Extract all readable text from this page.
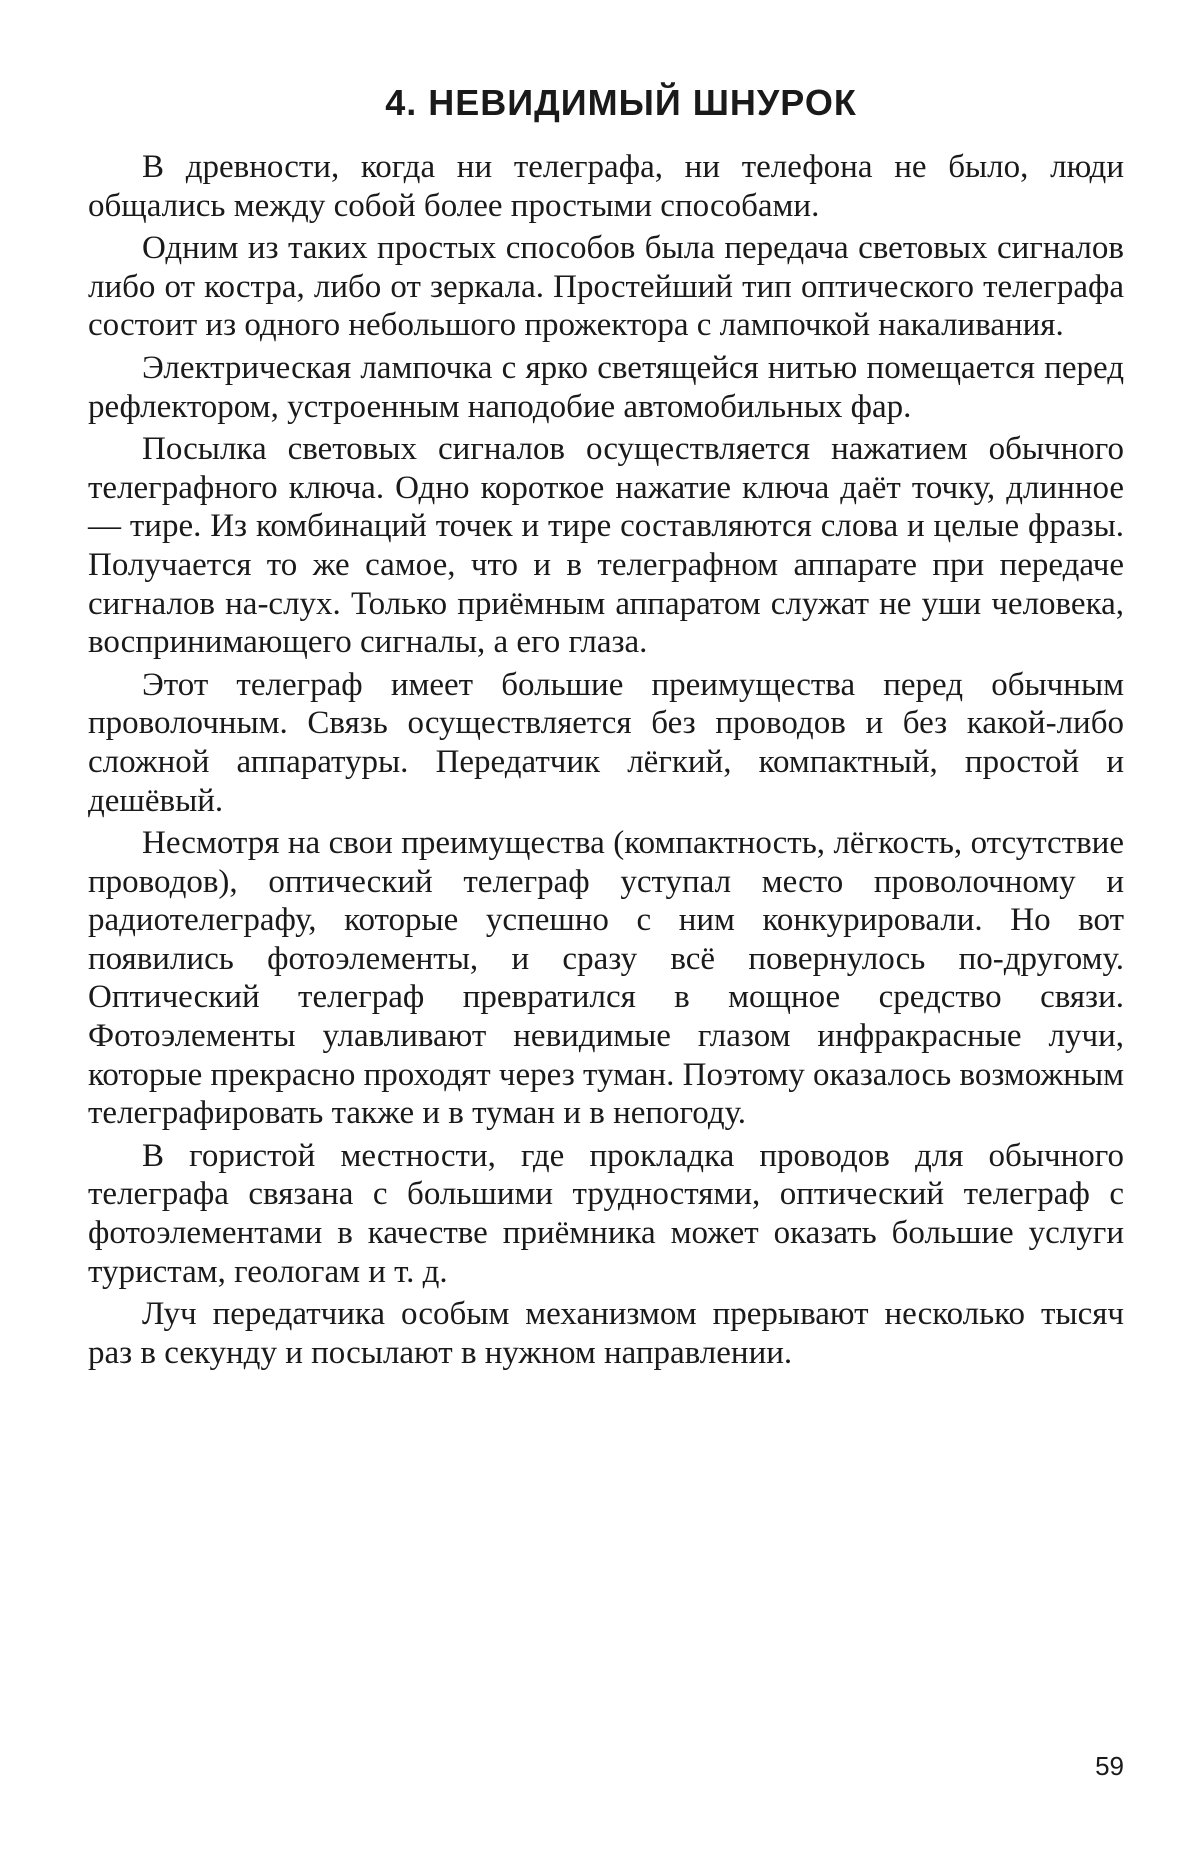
4. НЕВИДИМЫЙ ШНУРОК

В древности, когда ни телеграфа, ни телефона не было, люди общались между собой более простыми способами.

Одним из таких простых способов была передача световых сигналов либо от костра, либо от зеркала. Простейший тип оптического телеграфа состоит из одного небольшого прожектора с лампочкой накаливания.

Электрическая лампочка с ярко светящейся нитью помещается перед рефлектором, устроенным наподобие автомобильных фар.

Посылка световых сигналов осуществляется нажатием обычного телеграфного ключа. Одно короткое нажатие ключа даёт точку, длинное — тире. Из комбинаций точек и тире составляются слова и целые фразы. Получается то же самое, что и в телеграфном аппарате при передаче сигналов на-слух. Только приёмным аппаратом служат не уши человека, воспринимающего сигналы, а его глаза.

Этот телеграф имеет большие преимущества перед обычным проволочным. Связь осуществляется без проводов и без какой-либо сложной аппаратуры. Передатчик лёгкий, компактный, простой и дешёвый.

Несмотря на свои преимущества (компактность, лёгкость, отсутствие проводов), оптический телеграф уступал место проволочному и радиотелеграфу, которые успешно с ним конкурировали. Но вот появились фотоэлементы, и сразу всё повернулось по-другому. Оптический телеграф превратился в мощное средство связи. Фотоэлементы улавливают невидимые глазом инфракрасные лучи, которые прекрасно проходят через туман. Поэтому оказалось возможным телеграфировать также и в туман и в непогоду.

В гористой местности, где прокладка проводов для обычного телеграфа связана с большими трудностями, оптический телеграф с фотоэлементами в качестве приёмника может оказать большие услуги туристам, геологам и т. д.

Луч передатчика особым механизмом прерывают несколько тысяч раз в секунду и посылают в нужном направлении.

59
